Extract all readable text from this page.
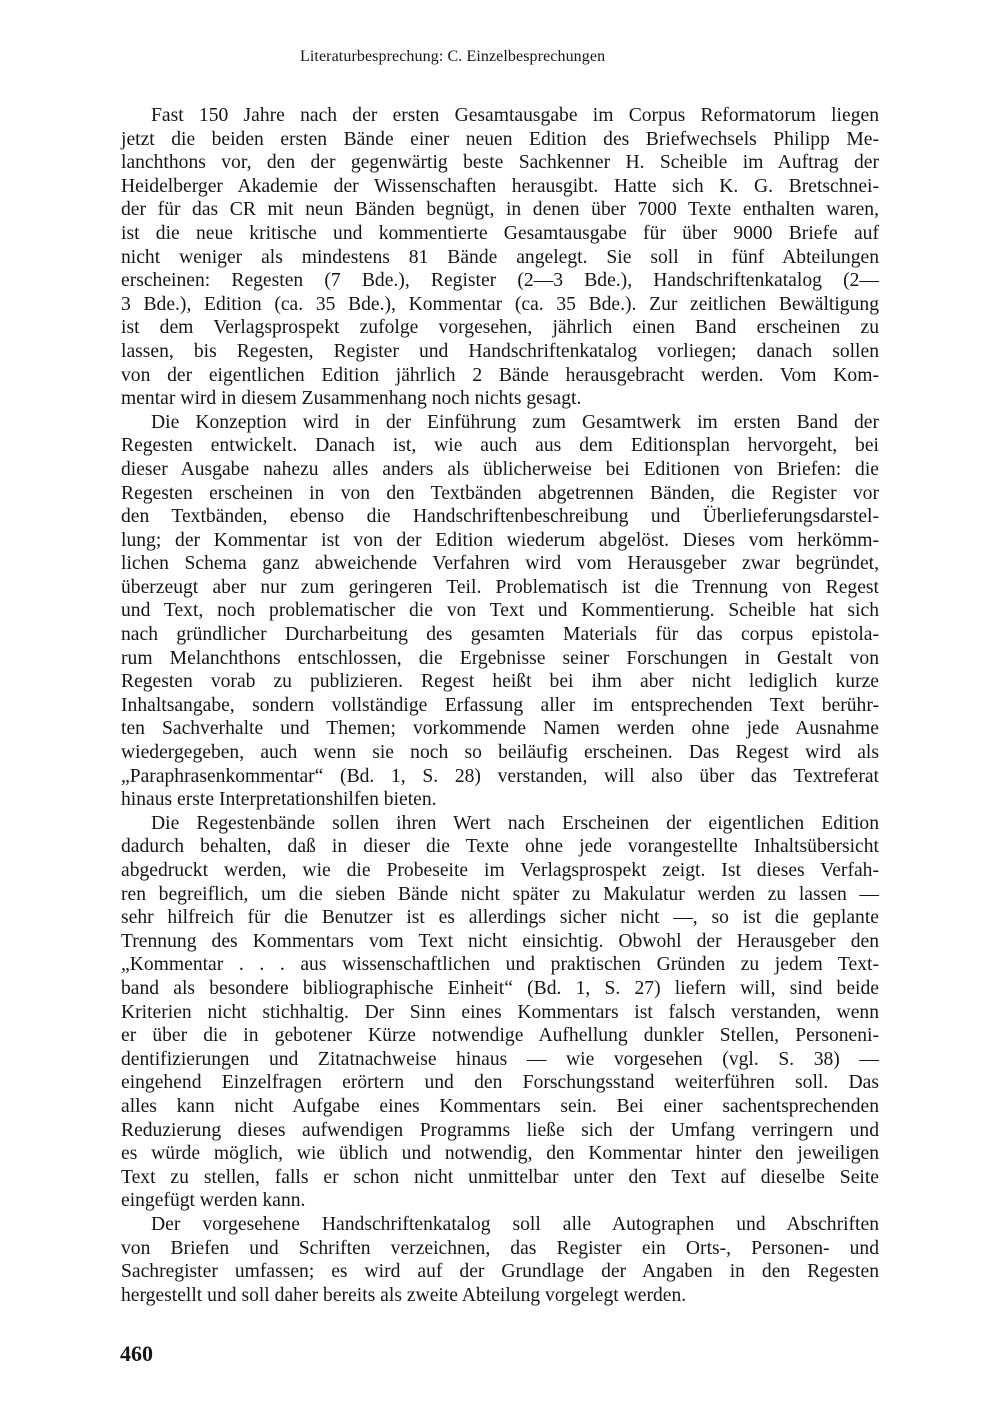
Literaturbesprechung: C. Einzelbesprechungen
Fast 150 Jahre nach der ersten Gesamtausgabe im Corpus Reformatorum liegen
jetzt die beiden ersten Bände einer neuen Edition des Briefwechsels Philipp Me-
lanchthons vor, den der gegenwärtig beste Sachkenner H. Scheible im Auftrag der
Heidelberger Akademie der Wissenschaften herausgibt. Hatte sich K. G. Bretschnei-
der für das CR mit neun Bänden begnügt, in denen über 7000 Texte enthalten waren,
ist die neue kritische und kommentierte Gesamtausgabe für über 9000 Briefe auf
nicht weniger als mindestens 81 Bände angelegt. Sie soll in fünf Abteilungen
erscheinen: Regesten (7 Bde.), Register (2—3 Bde.), Handschriftenkatalog (2—
3 Bde.), Edition (ca. 35 Bde.), Kommentar (ca. 35 Bde.). Zur zeitlichen Bewältigung
ist dem Verlagsprospekt zufolge vorgesehen, jährlich einen Band erscheinen zu
lassen, bis Regesten, Register und Handschriftenkatalog vorliegen; danach sollen
von der eigentlichen Edition jährlich 2 Bände herausgebracht werden. Vom Kom-
mentar wird in diesem Zusammenhang noch nichts gesagt.
Die Konzeption wird in der Einführung zum Gesamtwerk im ersten Band der
Regesten entwickelt. Danach ist, wie auch aus dem Editionsplan hervorgeht, bei
dieser Ausgabe nahezu alles anders als üblicherweise bei Editionen von Briefen: die
Regesten erscheinen in von den Textbänden abgetrennen Bänden, die Register vor
den Textbänden, ebenso die Handschriftenbeschreibung und Überlieferungsdarstel-
lung; der Kommentar ist von der Edition wiederum abgelöst. Dieses vom herkömm-
lichen Schema ganz abweichende Verfahren wird vom Herausgeber zwar begründet,
überzeugt aber nur zum geringeren Teil. Problematisch ist die Trennung von Regest
und Text, noch problematischer die von Text und Kommentierung. Scheible hat sich
nach gründlicher Durcharbeitung des gesamten Materials für das corpus epistola-
rum Melanchthons entschlossen, die Ergebnisse seiner Forschungen in Gestalt von
Regesten vorab zu publizieren. Regest heißt bei ihm aber nicht lediglich kurze
Inhaltsangabe, sondern vollständige Erfassung aller im entsprechenden Text berühr-
ten Sachverhalte und Themen; vorkommende Namen werden ohne jede Ausnahme
wiedergegeben, auch wenn sie noch so beiläufig erscheinen. Das Regest wird als
„Paraphrasenkommentar“ (Bd. 1, S. 28) verstanden, will also über das Textreferat
hinaus erste Interpretationshilfen bieten.
Die Regestenbände sollen ihren Wert nach Erscheinen der eigentlichen Edition
dadurch behalten, daß in dieser die Texte ohne jede vorangestellte Inhaltsübersicht
abgedruckt werden, wie die Probeseite im Verlagsprospekt zeigt. Ist dieses Verfah-
ren begreiflich, um die sieben Bände nicht später zu Makulatur werden zu lassen —
sehr hilfreich für die Benutzer ist es allerdings sicher nicht —, so ist die geplante
Trennung des Kommentars vom Text nicht einsichtig. Obwohl der Herausgeber den
„Kommentar . . . aus wissenschaftlichen und praktischen Gründen zu jedem Text-
band als besondere bibliographische Einheit“ (Bd. 1, S. 27) liefern will, sind beide
Kriterien nicht stichhaltig. Der Sinn eines Kommentars ist falsch verstanden, wenn
er über die in gebotener Kürze notwendige Aufhellung dunkler Stellen, Personeni-
dentifizierungen und Zitatnachweise hinaus — wie vorgesehen (vgl. S. 38) —
eingehend Einzelfragen erörtern und den Forschungsstand weiterführen soll. Das
alles kann nicht Aufgabe eines Kommentars sein. Bei einer sachentsprechenden
Reduzierung dieses aufwendigen Programms ließe sich der Umfang verringern und
es würde möglich, wie üblich und notwendig, den Kommentar hinter den jeweiligen
Text zu stellen, falls er schon nicht unmittelbar unter den Text auf dieselbe Seite
eingefügt werden kann.
Der vorgesehene Handschriftenkatalog soll alle Autographen und Abschriften
von Briefen und Schriften verzeichnen, das Register ein Orts-, Personen- und
Sachregister umfassen; es wird auf der Grundlage der Angaben in den Regesten
hergestellt und soll daher bereits als zweite Abteilung vorgelegt werden.
460
